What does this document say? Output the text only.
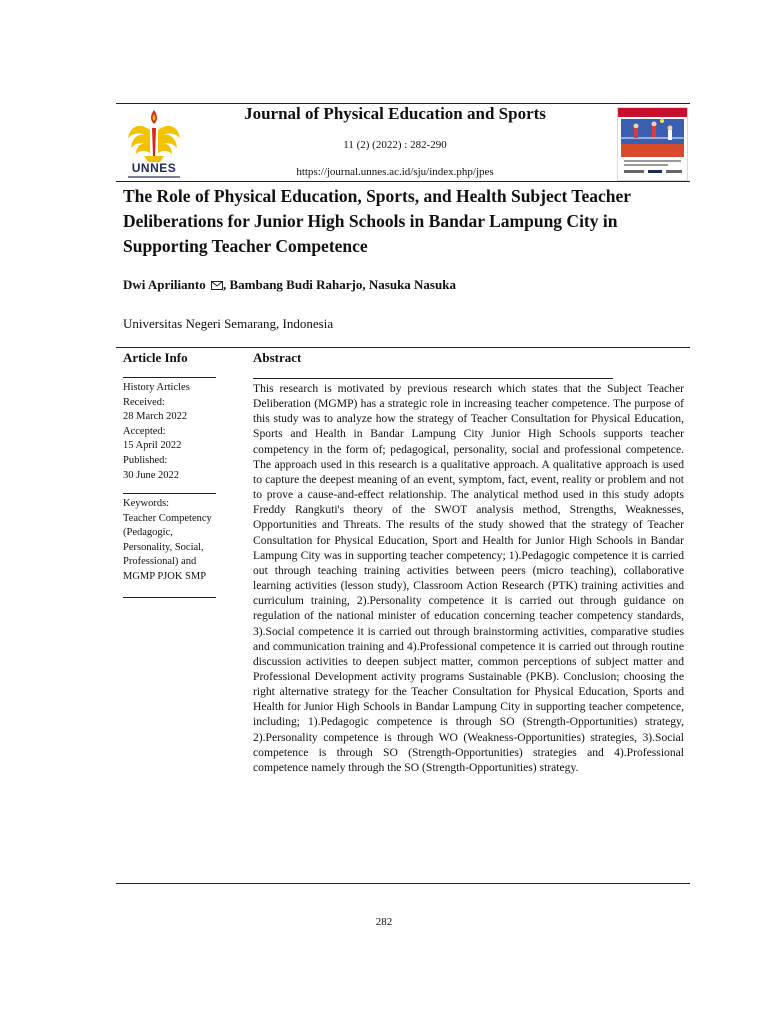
UNNES
Journal of Physical Education and Sports
11 (2) (2022) : 282-290
https://journal.unnes.ac.id/sju/index.php/jpes
The Role of Physical Education, Sports, and Health Subject Teacher Deliberations for Junior High Schools in Bandar Lampung City in Supporting Teacher Competence
Dwi Aprilianto , Bambang Budi Raharjo, Nasuka Nasuka
Universitas Negeri Semarang, Indonesia
Article Info	Abstract
History Articles
Received:
28 March 2022
Accepted:
15 April 2022
Published:
30 June 2022
Keywords:
Teacher Competency
(Pedagogic,
Personality, Social,
Professional) and
MGMP PJOK SMP
This research is motivated by previous research which states that the Subject Teacher Deliberation (MGMP) has a strategic role in increasing teacher competence. The purpose of this study was to analyze how the strategy of Teacher Consultation for Physical Education, Sports and Health in Bandar Lampung City Junior High Schools supports teacher competency in the form of; pedagogical, personality, social and professional competence. The approach used in this research is a qualitative approach. A qualitative approach is used to capture the deepest meaning of an event, symptom, fact, event, reality or problem and not to prove a cause-and-effect relationship. The analytical method used in this study adopts Freddy Rangkuti's theory of the SWOT analysis method, Strengths, Weaknesses, Opportunities and Threats. The results of the study showed that the strategy of Teacher Consultation for Physical Education, Sport and Health for Junior High Schools in Bandar Lampung City was in supporting teacher competency; 1).Pedagogic competence it is carried out through teaching training activities between peers (micro teaching), collaborative learning activities (lesson study), Classroom Action Research (PTK) training activities and curriculum training, 2).Personality competence it is carried out through guidance on regulation of the national minister of education concerning teacher competency standards, 3).Social competence it is carried out through brainstorming activities, comparative studies and communication training and 4).Professional competence it is carried out through routine discussion activities to deepen subject matter, common perceptions of subject matter and Professional Development activity programs Sustainable (PKB). Conclusion; choosing the right alternative strategy for the Teacher Consultation for Physical Education, Sports and Health for Junior High Schools in Bandar Lampung City in supporting teacher competence, including; 1).Pedagogic competence is through SO (Strength-Opportunities) strategy, 2).Personality competence is through WO (Weakness-Opportunities) strategies, 3).Social competence is through SO (Strength-Opportunities) strategies and 4).Professional competence namely through the SO (Strength-Opportunities) strategy.
282
